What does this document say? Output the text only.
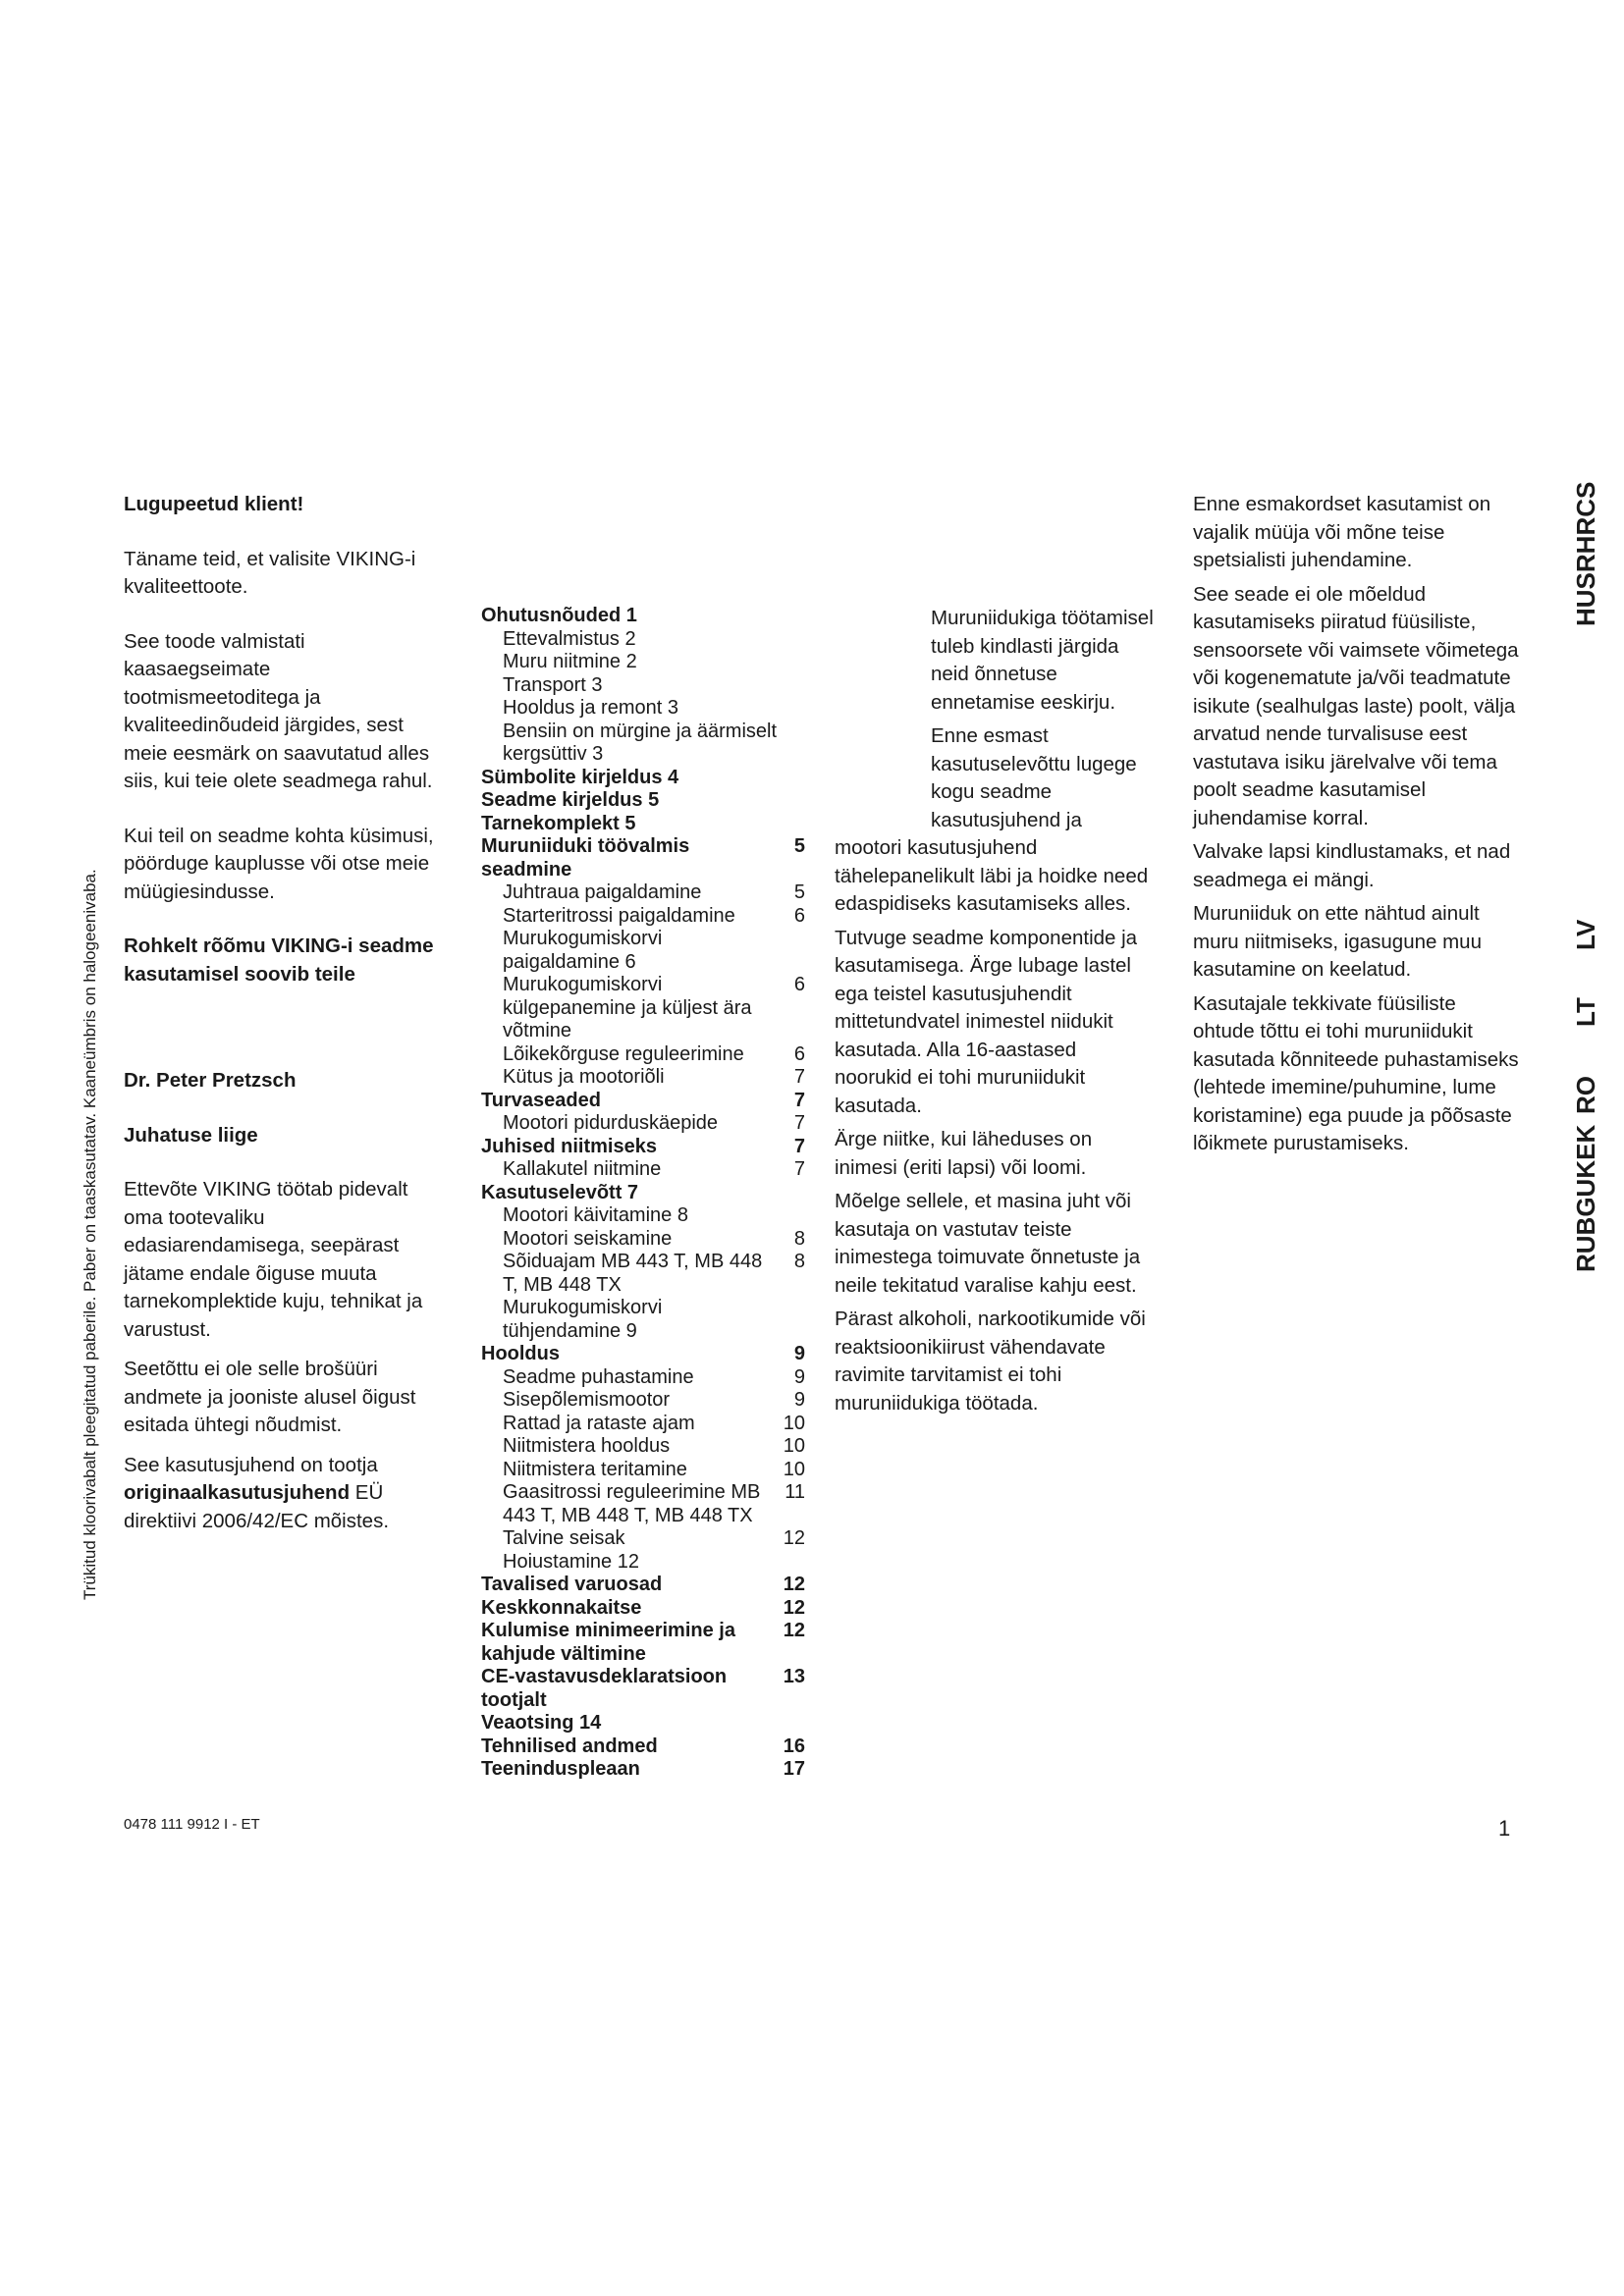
Trükitud kloorivabalt pleegitatud paberile. Paber on taaskasutatav. Kaaneümbris on halogeenivaba.

Lugupeetud klient!

Täname teid, et valisite VIKING-i kvaliteettoote.

See toode valmistati kaasaegseimate tootmismeetoditega ja kvaliteedinõudeid järgides, sest meie eesmärk on saavutatud alles siis, kui teie olete seadmega rahul.

Kui teil on seadme kohta küsimusi, pöörduge kauplusse või otse meie müügiesindusse.

Rohkelt rõõmu VIKING-i seadme kasutamisel soovib teile

Dr. Peter Pretzsch

Juhatuse liige

Ettevõte VIKING töötab pidevalt oma tootevaliku edasiarendamisega, seepärast jätame endale õiguse muuta tarnekomplektide kuju, tehnikat ja varustust.

Seetõttu ei ole selle brošüüri andmete ja jooniste alusel õigust esitada ühtegi nõudmist.

See kasutusjuhend on tootja originaalkasutusjuhend EÜ direktiivi 2006/42/EC mõistes.

Ohutusnõuded 1
Ettevalmistus 2
Muru niitmine 2
Transport 3
Hooldus ja remont 3
Bensiin on mürgine ja äärmiselt kergsüttiv 3
Sümbolite kirjeldus 4
Seadme kirjeldus 5
Tarnekomplekt 5
Muruniiduki töövalmis seadmine
5
Juhtraua paigaldamine	5
Starteritrossi paigaldamine	6
Murukogumiskorvi paigaldamine 6
Murukogumiskorvi külgepanemine ja küljest ära võtmine
6
Lõikekõrguse reguleerimine	6
Kütus ja mootoriõli	7
Turvaseaded	7
Mootori pidurduskäepide	7
Juhised niitmiseks	7
Kallakutel niitmine	7
Kasutuselevõtt 7
Mootori käivitamine 8
Mootori seiskamine	8
Sõiduajam MB 443 T, MB 448 T, MB 448 TX
8
Murukogumiskorvi tühjendamine 9
Hooldus	9
Seadme puhastamine	9
Sisepõlemismootor	9
Rattad ja rataste ajam	10
Niitmistera hooldus	10
Niitmistera teritamine	10
Gaasitrossi reguleerimine MB 443 T, MB 448 T, MB 448 TX
11
Talvine seisak	12
Hoiustamine 12
Tavalised varuosad	12
Keskkonnakaitse	12
Kulumise minimeerimine ja kahjude vältimine
12
CE-vastavusdeklaratsioon tootjalt
13
Veaotsing 14
Tehnilised andmed	16
Teeninduspleaan	17

Muruniidukiga töötamisel tuleb kindlasti järgida neid õnnetuse ennetamise eeskirju.

Enne esmast kasutuselevõttu lugege kogu seadme kasutusjuhend ja

mootori kasutusjuhend tähelepanelikult läbi ja hoidke need edaspidiseks kasutamiseks alles.

Tutvuge seadme komponentide ja kasutamisega. Ärge lubage lastel ega teistel kasutusjuhendit mittetundvatel inimestel niidukit kasutada. Alla 16-aastased noorukid ei tohi muruniidukit kasutada.

Ärge niitke, kui läheduses on inimesi (eriti lapsi) või loomi.

Mõelge sellele, et masina juht või kasutaja on vastutav teiste inimestega toimuvate õnnetuste ja neile tekitatud varalise kahju eest.

Pärast alkoholi, narkootikumide või reaktsioonikiirust vähendavate ravimite tarvitamist ei tohi muruniidukiga töötada.

Enne esmakordset kasutamist on vajalik müüja või mõne teise spetsialisti juhendamine.

See seade ei ole mõeldud kasutamiseks piiratud füüsiliste, sensoorsete või vaimsete võimetega või kogenematute ja/või teadmatute isikute (sealhulgas laste) poolt, välja arvatud nende turvalisuse eest vastutava isiku järelvalve või tema poolt seadme kasutamisel juhendamise korral.

Valvake lapsi kindlustamaks, et nad seadmega ei mängi.

Muruniiduk on ette nähtud ainult muru niitmiseks, igasugune muu kasutamine on keelatud.

Kasutajale tekkivate füüsiliste ohtude tõttu ei tohi muruniidukit kasutada kõnniteede puhastamiseks (lehtede imemine/puhumine, lume koristamine) ega puude ja põõsaste lõikmete purustamiseks.

HUSRHRCS
LV
LT
RO
RUBGUKEK
0478 111 9912 I - ET	1
